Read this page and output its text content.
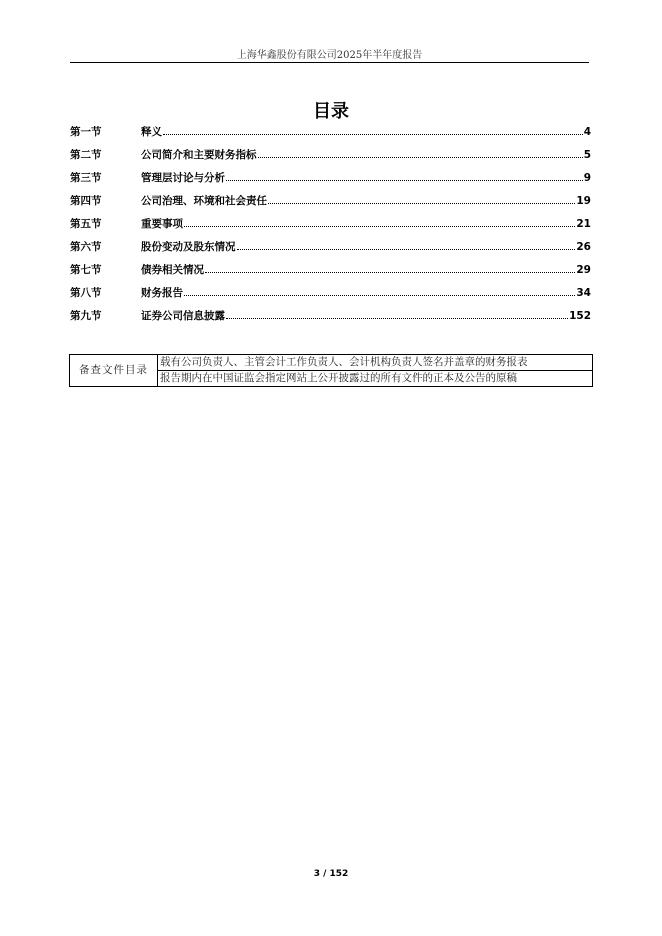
上海华鑫股份有限公司2025年半年度报告
目录
第一节	释义	4
第二节	公司简介和主要财务指标	5
第三节	管理层讨论与分析	9
第四节	公司治理、环境和社会责任	19
第五节	重要事项	21
第六节	股份变动及股东情况	26
第七节	债券相关情况	29
第八节	财务报告	34
第九节	证券公司信息披露	152
备查文件目录	载有公司负责人、主管会计工作负责人、会计机构负责人签名并盖章的财务报表
报告期内在中国证监会指定网站上公开披露过的所有文件的正本及公告的原稿
3 / 152
